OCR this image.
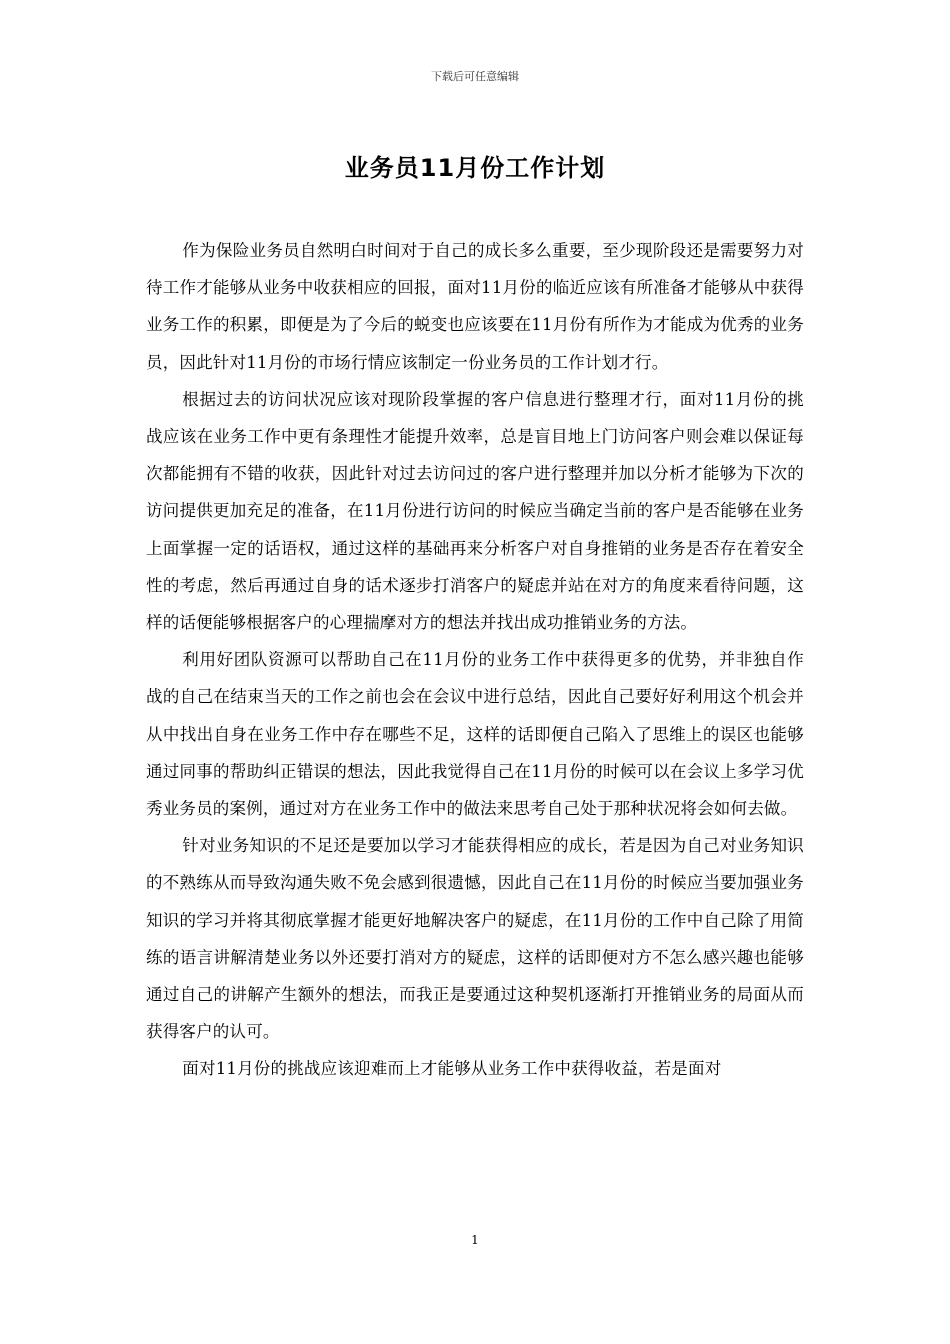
下载后可任意编辑
业务员11月份工作计划

作为保险业务员自然明白时间对于自己的成长多么重要，至少现阶段还是需要努力对待工作才能够从业务中收获相应的回报，面对11月份的临近应该有所准备才能够从中获得业务工作的积累，即便是为了今后的蜕变也应该要在11月份有所作为才能成为优秀的业务员，因此针对11月份的市场行情应该制定一份业务员的工作计划才行。

根据过去的访问状况应该对现阶段掌握的客户信息进行整理才行，面对11月份的挑战应该在业务工作中更有条理性才能提升效率，总是盲目地上门访问客户则会难以保证每次都能拥有不错的收获，因此针对过去访问过的客户进行整理并加以分析才能够为下次的访问提供更加充足的准备，在11月份进行访问的时候应当确定当前的客户是否能够在业务上面掌握一定的话语权，通过这样的基础再来分析客户对自身推销的业务是否存在着安全性的考虑，然后再通过自身的话术逐步打消客户的疑虑并站在对方的角度来看待问题，这样的话便能够根据客户的心理揣摩对方的想法并找出成功推销业务的方法。

利用好团队资源可以帮助自己在11月份的业务工作中获得更多的优势，并非独自作战的自己在结束当天的工作之前也会在会议中进行总结，因此自己要好好利用这个机会并从中找出自身在业务工作中存在哪些不足，这样的话即便自己陷入了思维上的误区也能够通过同事的帮助纠正错误的想法，因此我觉得自己在11月份的时候可以在会议上多学习优秀业务员的案例，通过对方在业务工作中的做法来思考自己处于那种状况将会如何去做。

针对业务知识的不足还是要加以学习才能获得相应的成长，若是因为自己对业务知识的不熟练从而导致沟通失败不免会感到很遗憾，因此自己在11月份的时候应当要加强业务知识的学习并将其彻底掌握才能更好地解决客户的疑虑，在11月份的工作中自己除了用简练的语言讲解清楚业务以外还要打消对方的疑虑，这样的话即便对方不怎么感兴趣也能够通过自己的讲解产生额外的想法，而我正是要通过这种契机逐渐打开推销业务的局面从而获得客户的认可。

面对11月份的挑战应该迎难而上才能够从业务工作中获得收益，若是面对

1
